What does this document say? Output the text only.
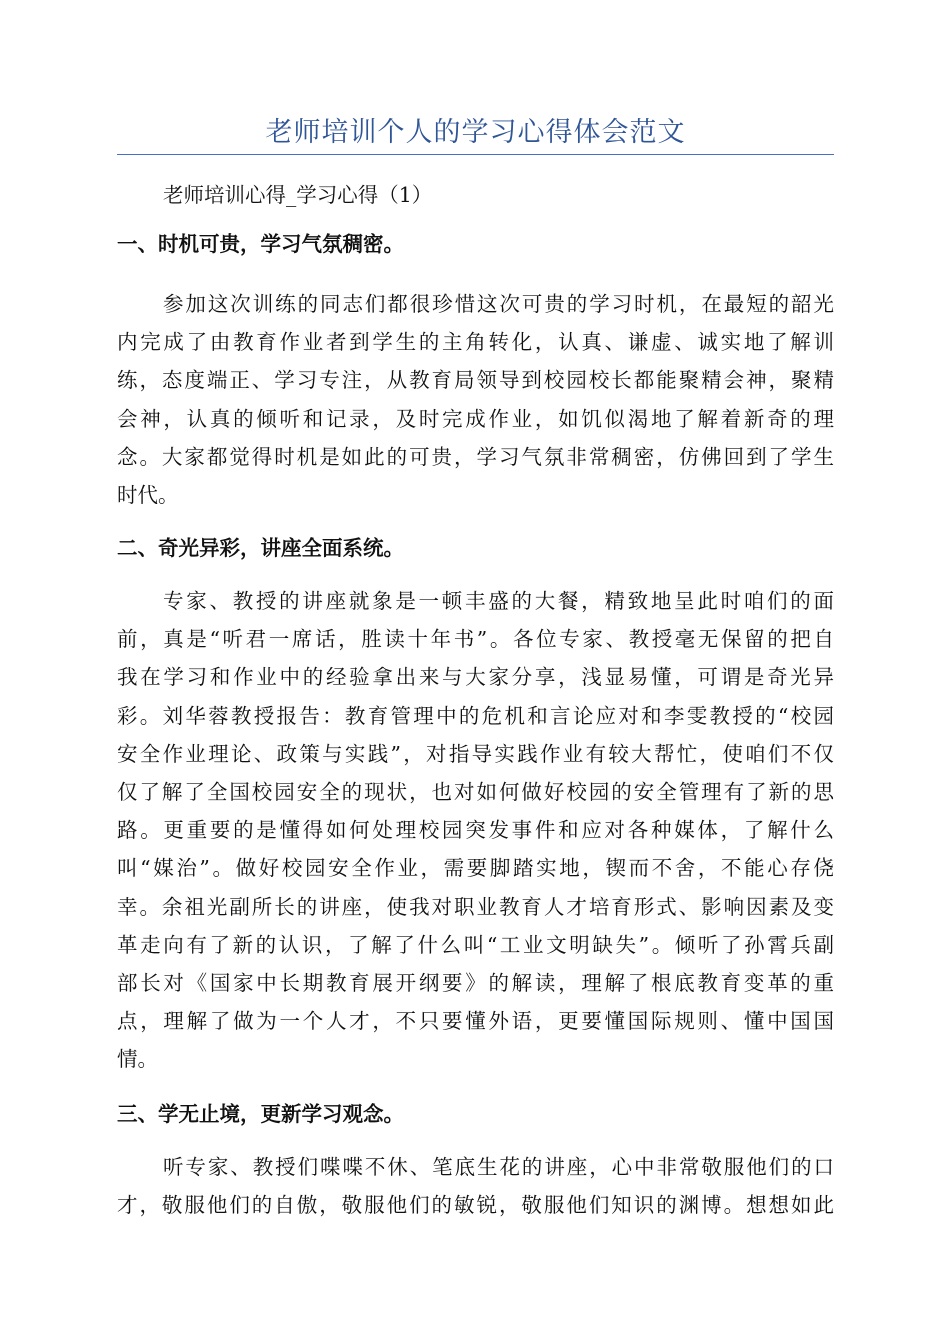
老师培训个人的学习心得体会范文
老师培训心得_学习心得（1）
一、时机可贵，学习气氛稠密。
参加这次训练的同志们都很珍惜这次可贵的学习时机，在最短的韶光
内完成了由教育作业者到学生的主角转化，认真、谦虚、诚实地了解训
练，态度端正、学习专注，从教育局领导到校园校长都能聚精会神，聚精
会神，认真的倾听和记录，及时完成作业，如饥似渴地了解着新奇的理
念。大家都觉得时机是如此的可贵，学习气氛非常稠密，仿佛回到了学生
时代。
二、奇光异彩，讲座全面系统。
专家、教授的讲座就象是一顿丰盛的大餐，精致地呈此时咱们的面
前，真是“听君一席话，胜读十年书”。各位专家、教授毫无保留的把自
我在学习和作业中的经验拿出来与大家分享，浅显易懂，可谓是奇光异
彩。刘华蓉教授报告：教育管理中的危机和言论应对和李雯教授的“校园
安全作业理论、政策与实践”，对指导实践作业有较大帮忙，使咱们不仅
仅了解了全国校园安全的现状，也对如何做好校园的安全管理有了新的思
路。更重要的是懂得如何处理校园突发事件和应对各种媒体，了解什么
叫“媒治”。做好校园安全作业，需要脚踏实地，锲而不舍，不能心存侥
幸。余祖光副所长的讲座，使我对职业教育人才培育形式、影响因素及变
革走向有了新的认识，了解了什么叫“工业文明缺失”。倾听了孙霄兵副
部长对《国家中长期教育展开纲要》的解读，理解了根底教育变革的重
点，理解了做为一个人才，不只要懂外语，更要懂国际规则、懂中国国
情。
三、学无止境，更新学习观念。
听专家、教授们喋喋不休、笔底生花的讲座，心中非常敬服他们的口
才，敬服他们的自傲，敬服他们的敏锐，敬服他们知识的渊博。想想如此
